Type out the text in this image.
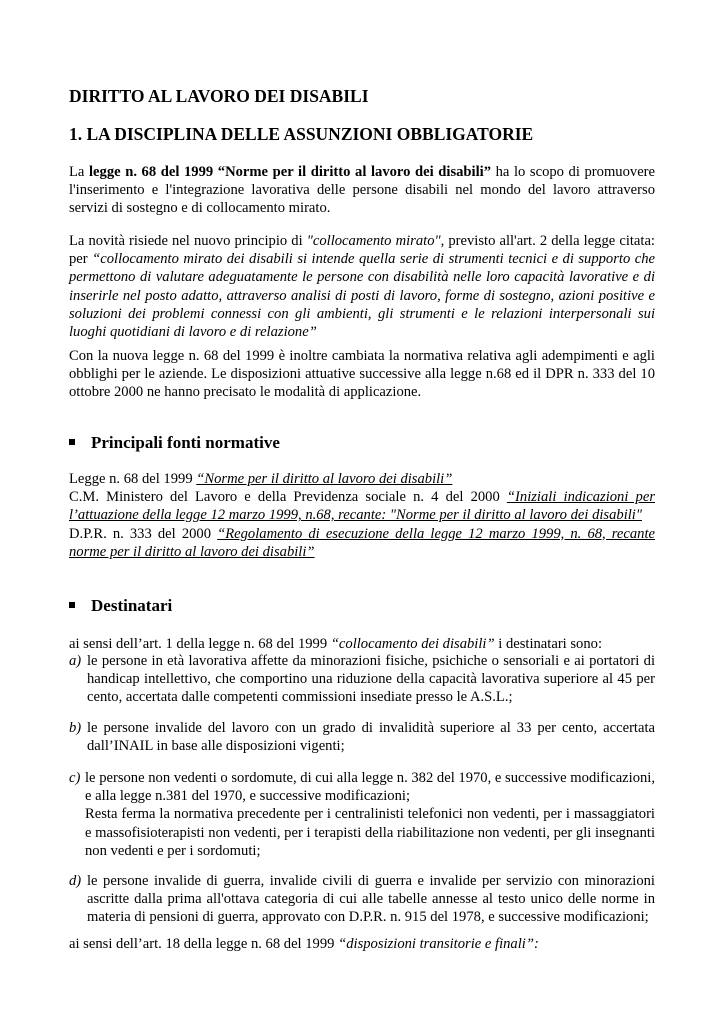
DIRITTO AL LAVORO DEI DISABILI
1. LA DISCIPLINA DELLE ASSUNZIONI OBBLIGATORIE
La legge n. 68 del 1999 “Norme per il diritto al lavoro dei disabili” ha lo scopo di promuovere l'inserimento e l'integrazione lavorativa delle persone disabili nel mondo del lavoro attraverso servizi di sostegno e di collocamento mirato.
La novità risiede nel nuovo principio di "collocamento mirato", previsto all'art. 2 della legge citata: per “collocamento mirato dei disabili si intende quella serie di strumenti tecnici e di supporto che permettono di valutare adeguatamente le persone con disabilità nelle loro capacità lavorative e di inserirle nel posto adatto, attraverso analisi di posti di lavoro, forme di sostegno, azioni positive e soluzioni dei problemi connessi con gli ambienti, gli strumenti e le relazioni interpersonali sui luoghi quotidiani di lavoro e di relazione”
Con la nuova legge n. 68 del 1999 è inoltre cambiata la normativa relativa agli adempimenti e agli obblighi per le aziende. Le disposizioni attuative successive alla legge n.68 ed il DPR n. 333 del 10 ottobre 2000 ne hanno precisato le modalità di applicazione.
Principali fonti normative
Legge n. 68 del 1999 “Norme per il diritto al lavoro dei disabili”
C.M. Ministero del Lavoro e della Previdenza sociale n. 4 del 2000 “Iniziali indicazioni per l’attuazione della legge 12 marzo 1999, n.68, recante: "Norme per il diritto al lavoro dei disabili"
D.P.R. n. 333 del 2000 “Regolamento di esecuzione della legge 12 marzo 1999, n. 68, recante norme per il diritto al lavoro dei disabili”
Destinatari
ai sensi dell’art. 1 della legge n. 68 del 1999 “collocamento dei disabili” i destinatari sono:
a) le persone in età lavorativa affette da minorazioni fisiche, psichiche o sensoriali e ai portatori di handicap intellettivo, che comportino una riduzione della capacità lavorativa superiore al 45 per cento, accertata dalle competenti commissioni insediate presso le A.S.L.;
b) le persone invalide del lavoro con un grado di invalidità superiore al 33 per cento, accertata dall’INAIL in base alle disposizioni vigenti;
c) le persone non vedenti o sordomute, di cui alla legge n. 382 del 1970, e successive modificazioni, e alla legge n.381 del 1970, e successive modificazioni;
Resta ferma la normativa precedente per i centralinisti telefonici non vedenti, per i massaggiatori e massofisioterapisti non vedenti, per i terapisti della riabilitazione non vedenti, per gli insegnanti non vedenti e per i sordomuti;
d) le persone invalide di guerra, invalide civili di guerra e invalide per servizio con minorazioni ascritte dalla prima all'ottava categoria di cui alle tabelle annesse al testo unico delle norme in materia di pensioni di guerra, approvato con D.P.R. n. 915 del 1978, e successive modificazioni;
ai sensi dell’art. 18 della legge n. 68 del 1999 “disposizioni transitorie e finali”:
